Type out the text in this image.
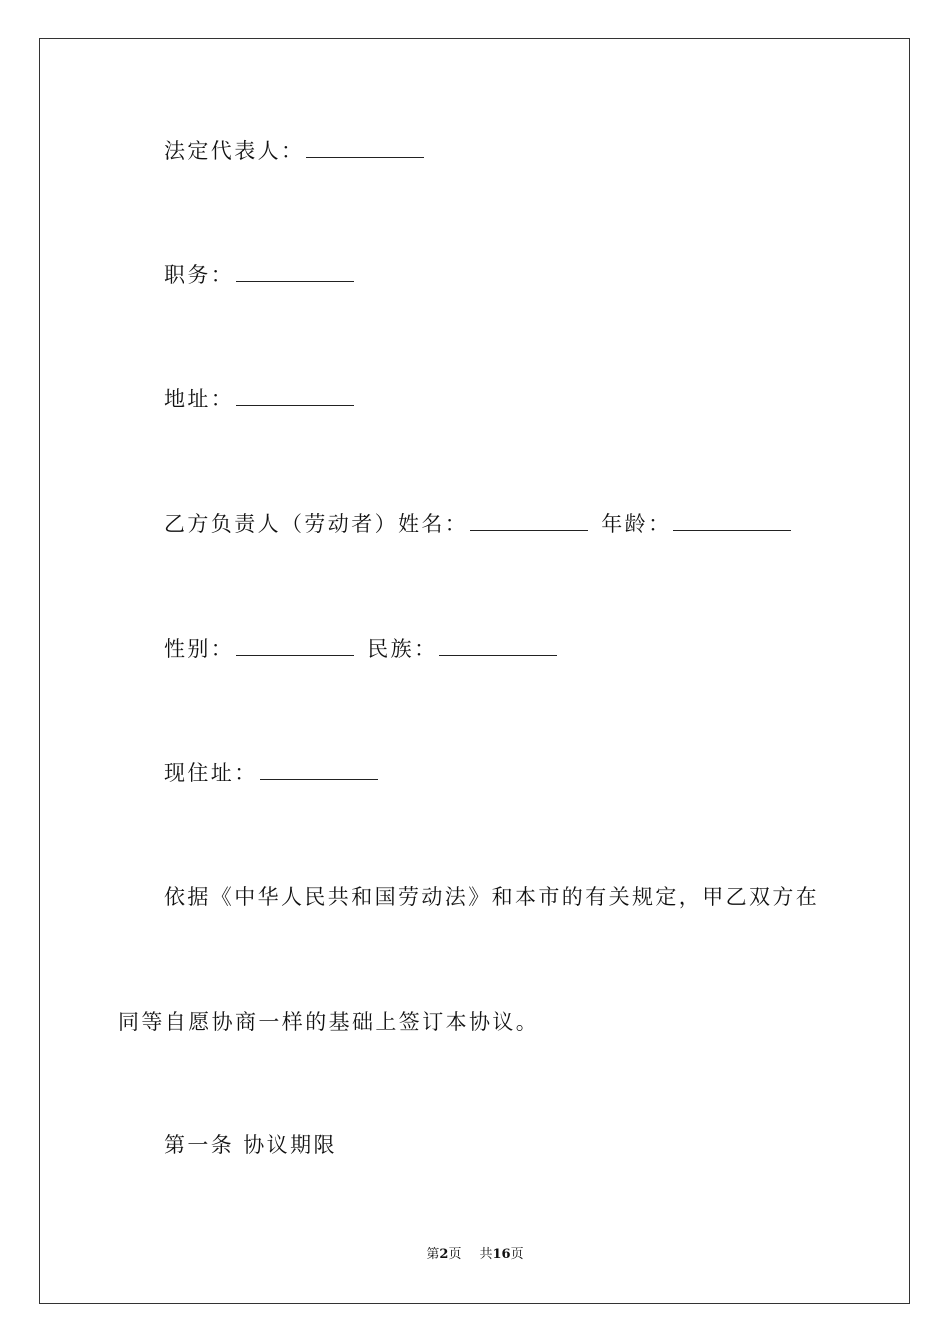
法定代表人：
职务：
地址：
乙方负责人（劳动者）姓名：	年龄：
性别：	民族：
现住址：
依据《中华人民共和国劳动法》和本市的有关规定，甲乙双方在
同等自愿协商一样的基础上签订本协议。
第一条 协议期限
第2页 共16页
